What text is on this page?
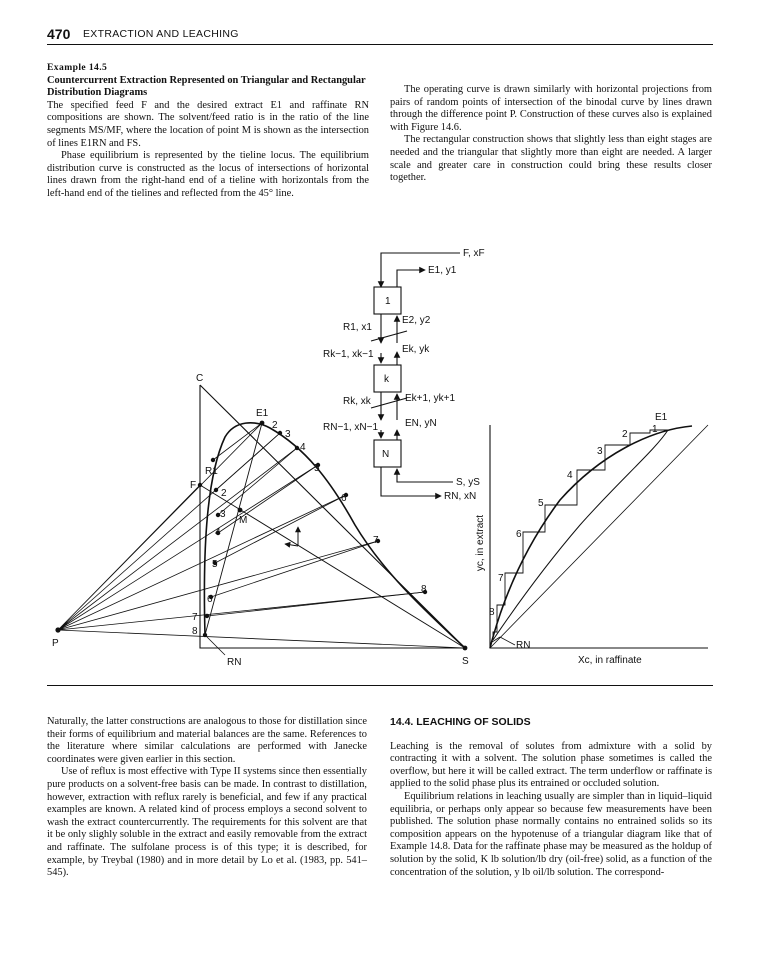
470 EXTRACTION AND LEACHING

Example 14.5

Countercurrent Extraction Represented on Triangular and Rectangular Distribution Diagrams

The specified feed F and the desired extract E1 and raffinate RN compositions are shown. The solvent/feed ratio is in the ratio of the line segments MS/MF, where the location of point M is shown as the intersection of lines E1RN and FS.

Phase equilibrium is represented by the tieline locus. The equilibrium distribution curve is constructed as the locus of intersections of horizontal lines drawn from the right-hand end of a tieline with horizontals from the left-hand end of the tielines and reflected from the 45° line.

The operating curve is drawn similarly with horizontal projections from pairs of random points of intersection of the binodal curve by lines drawn through the difference point P. Construction of these curves also is explained with Figure 14.6.

The rectangular construction shows that slightly less than eight stages are needed and the triangular that slightly more than eight are needed. A larger scale and greater care in construction could bring these results closer together.

F, xF
E1, y1
1
R1, x1
E2, y2
Rk−1, xk−1	Ek, yk
k
Rk, xk	Ek+1, yk+1
RN−1, xN−1	EN, yN
N
S, yS
RN, xN
C
E1
R1
F
M
P
S
RN
2
3
4
5
6
7
8
2
3
4
5
6
7
8
yc, in extract
Xc, in raffinate
E1
RN
1
2
3
4
5
6
7
8

Naturally, the latter constructions are analogous to those for distillation since their forms of equilibrium and material balances are the same. References to the literature where similar calculations are performed with Janecke coordinates were given earlier in this section.

Use of reflux is most effective with Type II systems since then essentially pure products on a solvent-free basis can be made. In contrast to distillation, however, extraction with reflux rarely is beneficial, and few if any practical examples are known. A related kind of process employs a second solvent to wash the extract countercurrently. The requirements for this solvent are that it be only slighly soluble in the extract and easily removable from the extract and raffinate. The sulfolane process is of this type; it is described, for example, by Treybal (1980) and in more detail by Lo et al. (1983, pp. 541–545).

14.4. LEACHING OF SOLIDS

Leaching is the removal of solutes from admixture with a solid by contracting it with a solvent. The solution phase sometimes is called the overflow, but here it will be called extract. The term underflow or raffinate is applied to the solid phase plus its entrained or occluded solution.

Equilibrium relations in leaching usually are simpler than in liquid–liquid equilibria, or perhaps only appear so because few measurements have been published. The solution phase normally contains no entrained solids so its composition appears on the hypotenuse of a triangular diagram like that of Example 14.8. Data for the raffinate phase may be measured as the holdup of solution by the solid, K lb solution/lb dry (oil-free) solid, as a function of the concentration of the solution, y lb oil/lb solution. The correspond-
